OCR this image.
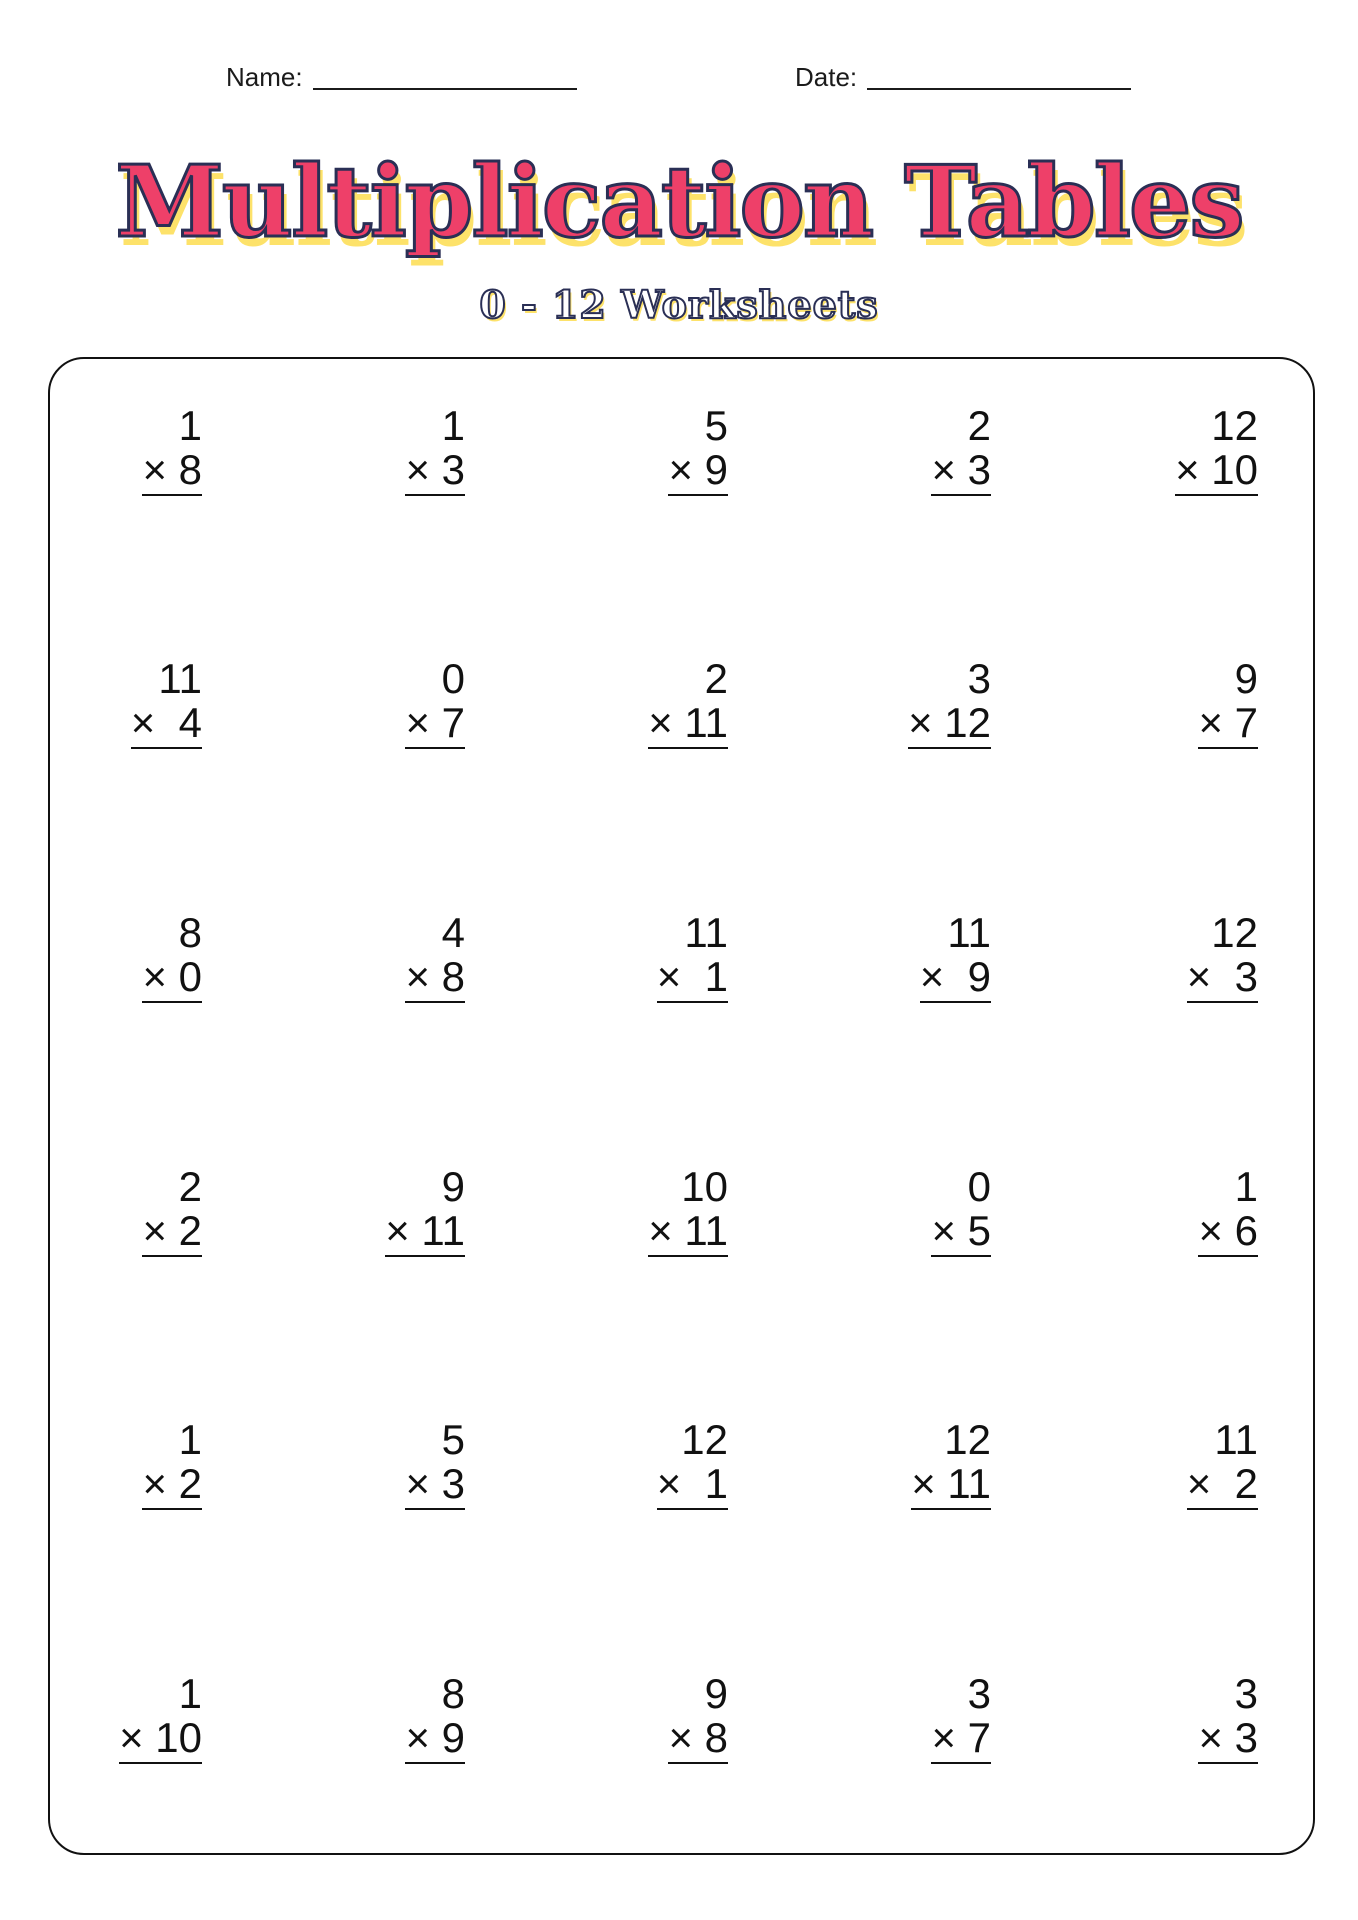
Name:	Date:
Multiplication Tables
0 - 12 Worksheets
1
× 8
1
× 3
5
× 9
2
× 3
12
× 10
11
×  4
0
× 7
2
× 11
3
× 12
9
× 7
8
× 0
4
× 8
11
×  1
11
×  9
12
×  3
2
× 2
9
× 11
10
× 11
0
× 5
1
× 6
1
× 2
5
× 3
12
×  1
12
× 11
11
×  2
1
× 10
8
× 9
9
× 8
3
× 7
3
× 3
